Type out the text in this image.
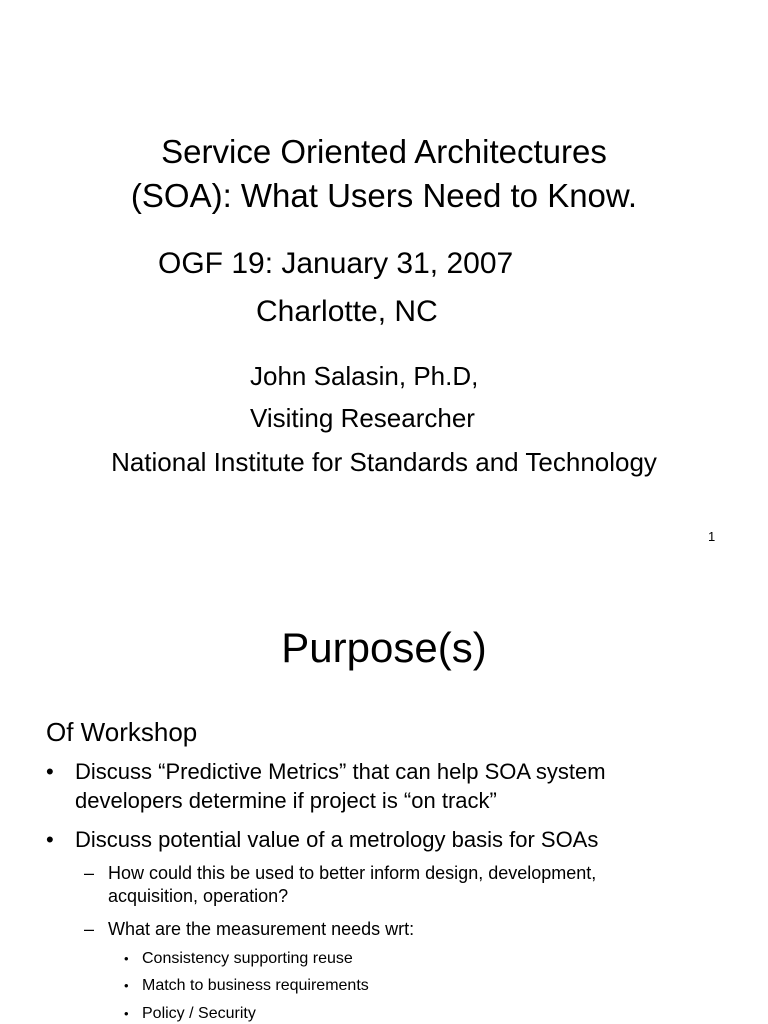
Service Oriented Architectures
(SOA): What Users Need to Know.
OGF 19: January 31, 2007
Charlotte, NC
John Salasin, Ph.D,
Visiting Researcher
National Institute for Standards and Technology
1
Purpose(s)
Of Workshop
• Discuss “Predictive Metrics” that can help SOA system
developers determine if project is “on track”
• Discuss potential value of a metrology basis for SOAs
– How could this be used to better inform design, development,
acquisition, operation?
– What are the measurement needs wrt:
• Consistency supporting reuse
• Match to business requirements
• Policy / Security
